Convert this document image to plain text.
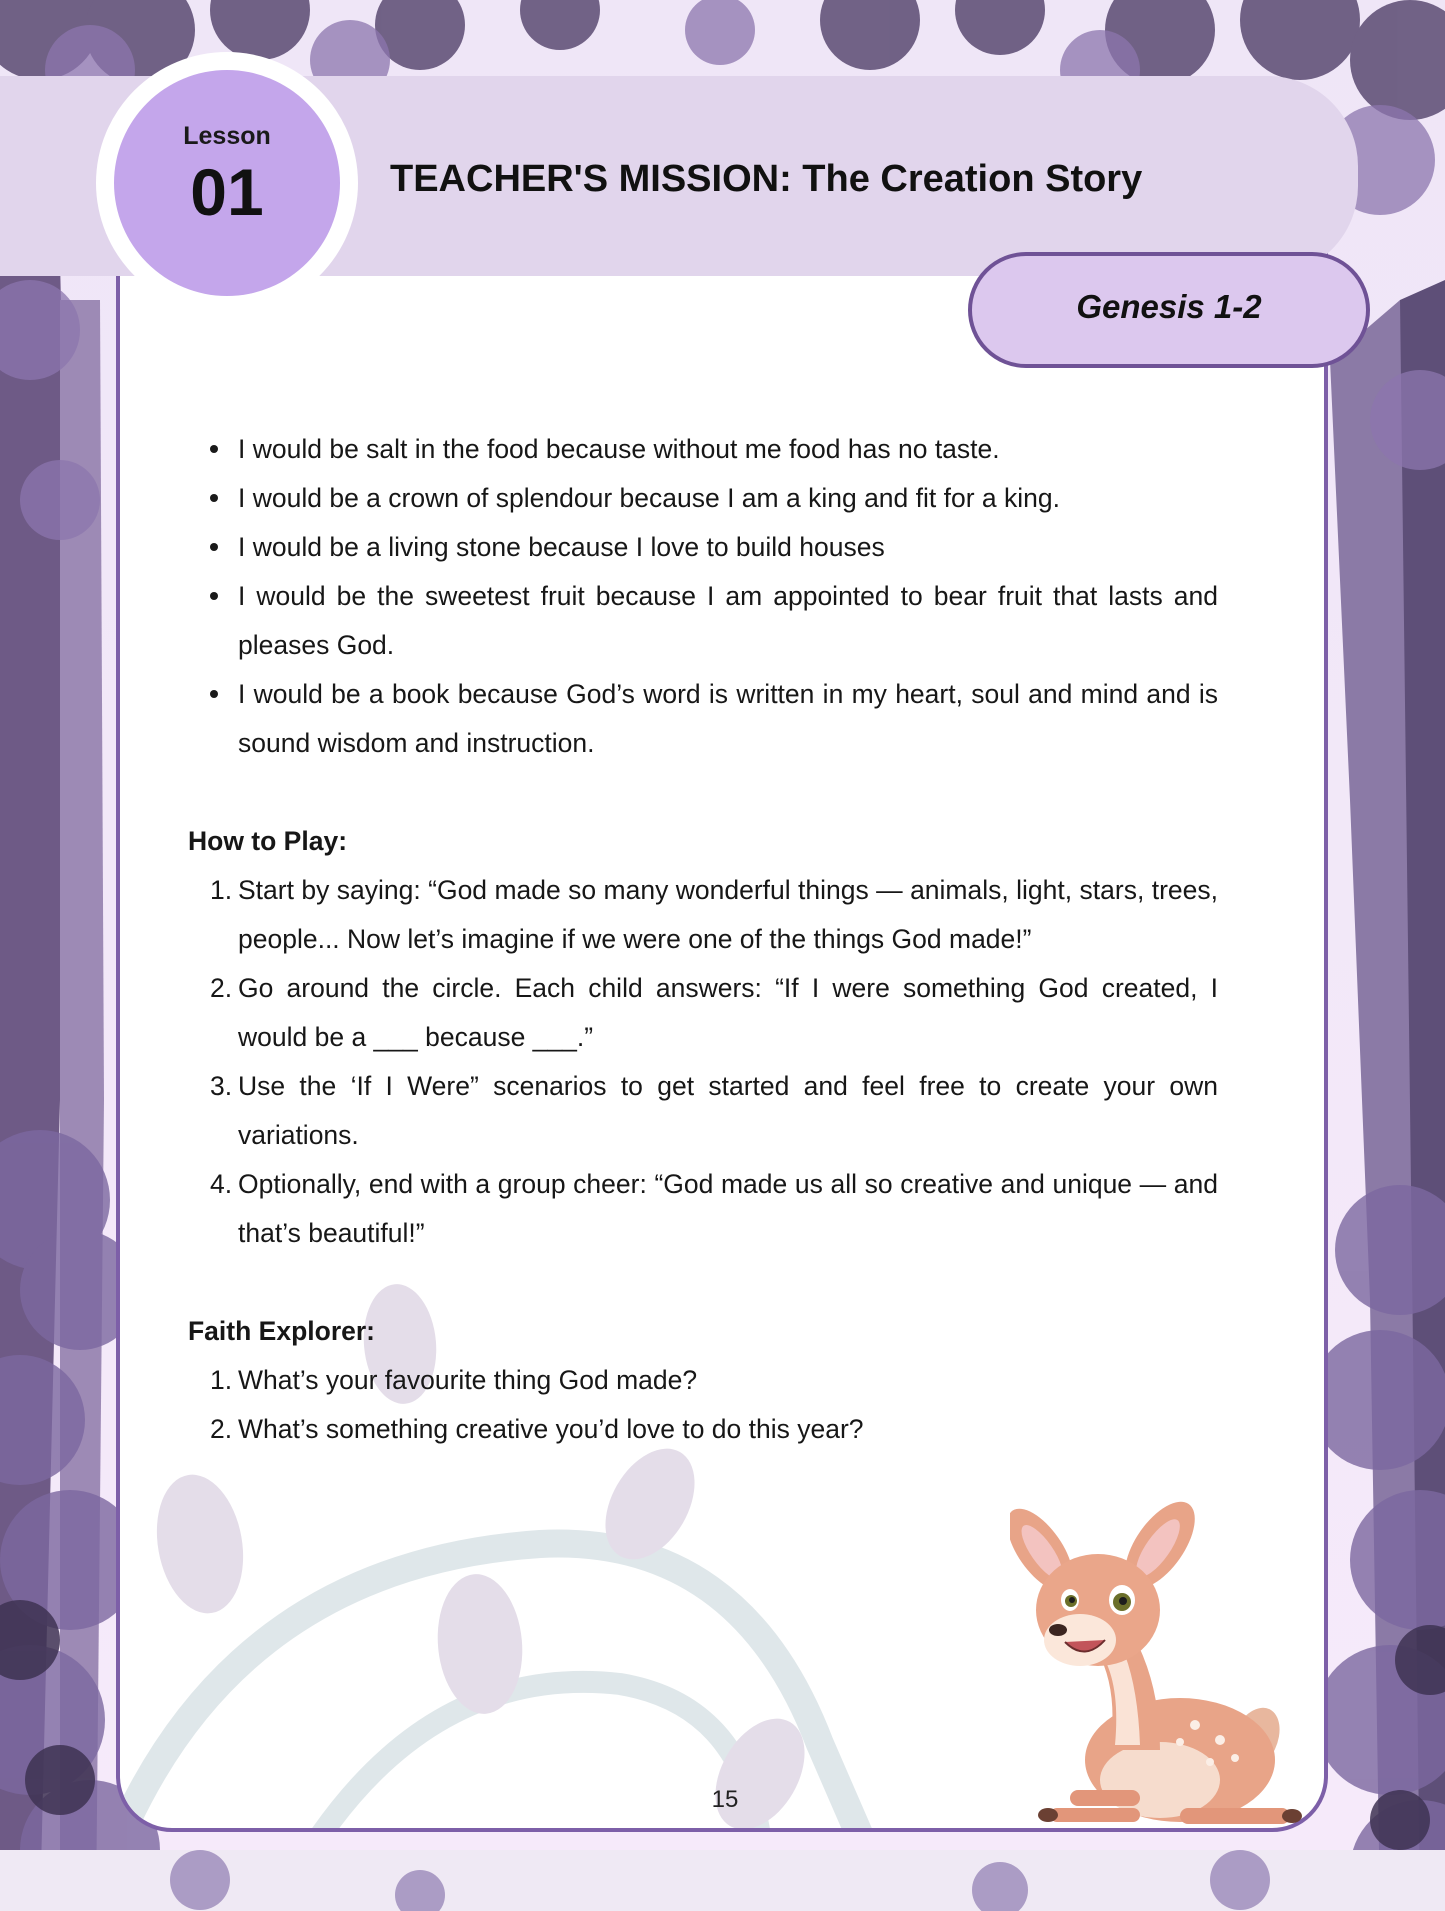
TEACHER'S MISSION: The Creation Story
Lesson
01
Genesis 1-2
I would be salt in the food because without me food has no taste.
I would be a crown of splendour because I am a king and fit for a king.
I would be a living stone because I love to build houses
I would be the sweetest fruit because I am appointed to bear fruit that lasts and pleases God.
I would be a book because God’s word is written in my heart, soul and mind and is sound wisdom and instruction.
How to Play:
1. Start by saying: “God made so many wonderful things — animals, light, stars, trees, people... Now let’s imagine if we were one of the things God made!”
2. Go around the circle. Each child answers: “If I were something God created, I would be a ___ because ___.”
3. Use the ‘If I Were” scenarios to get started and feel free to create your own variations.
4. Optionally, end with a group cheer: “God made us all so creative and unique — and that’s beautiful!”
Faith Explorer:
1. What’s your favourite thing God made?
2. What’s something creative you’d love to do this year?
15
